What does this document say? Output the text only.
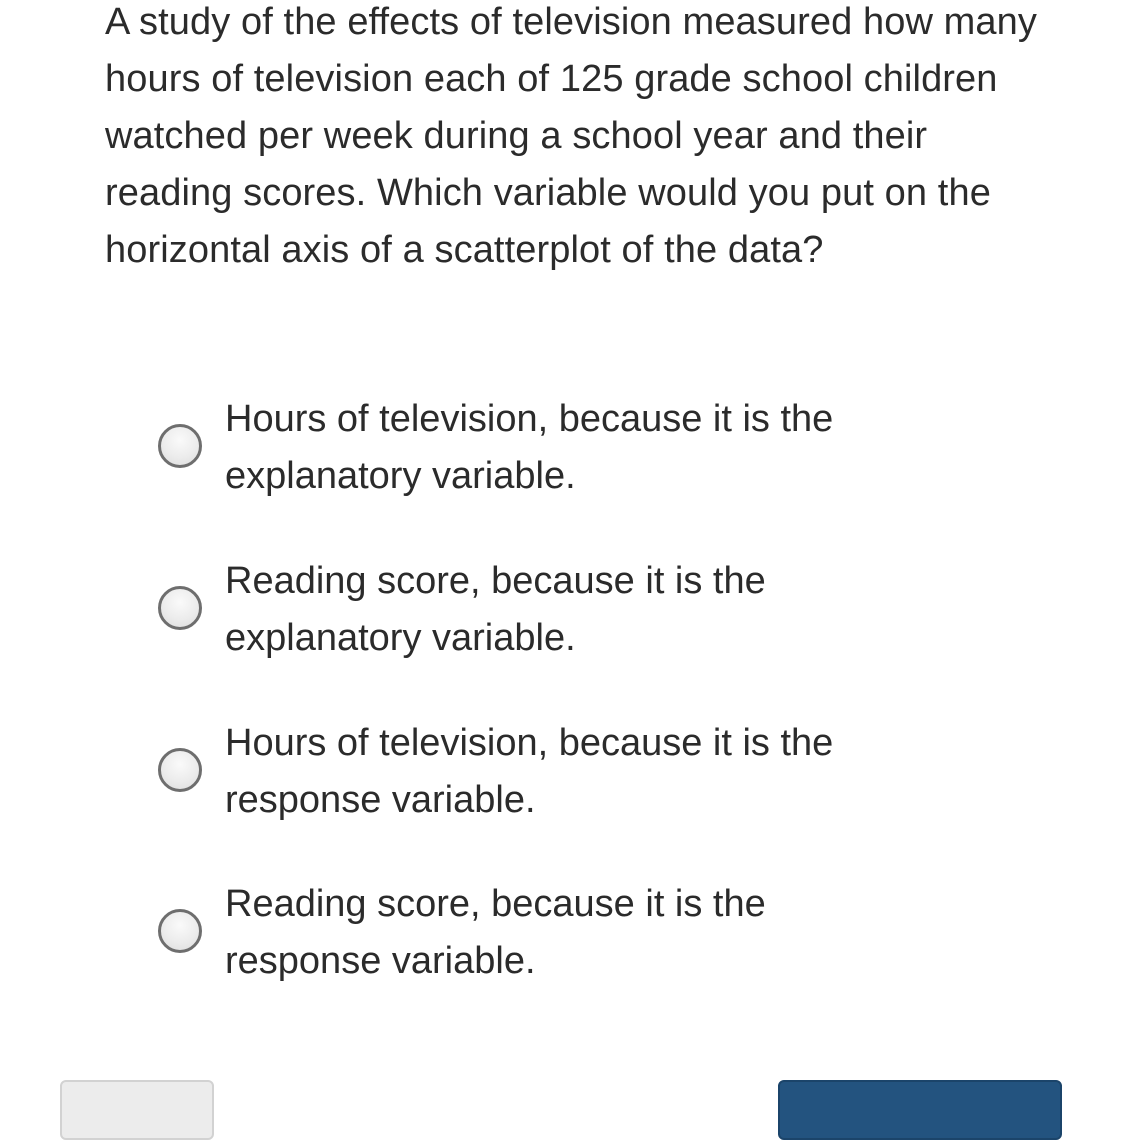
A study of the effects of television measured how many hours of television each of 125 grade school children watched per week during a school year and their reading scores. Which variable would you put on the horizontal axis of a scatterplot of the data?

Hours of television, because it is the
explanatory variable.
Reading score, because it is the
explanatory variable.
Hours of television, because it is the
response variable.
Reading score, because it is the
response variable.
